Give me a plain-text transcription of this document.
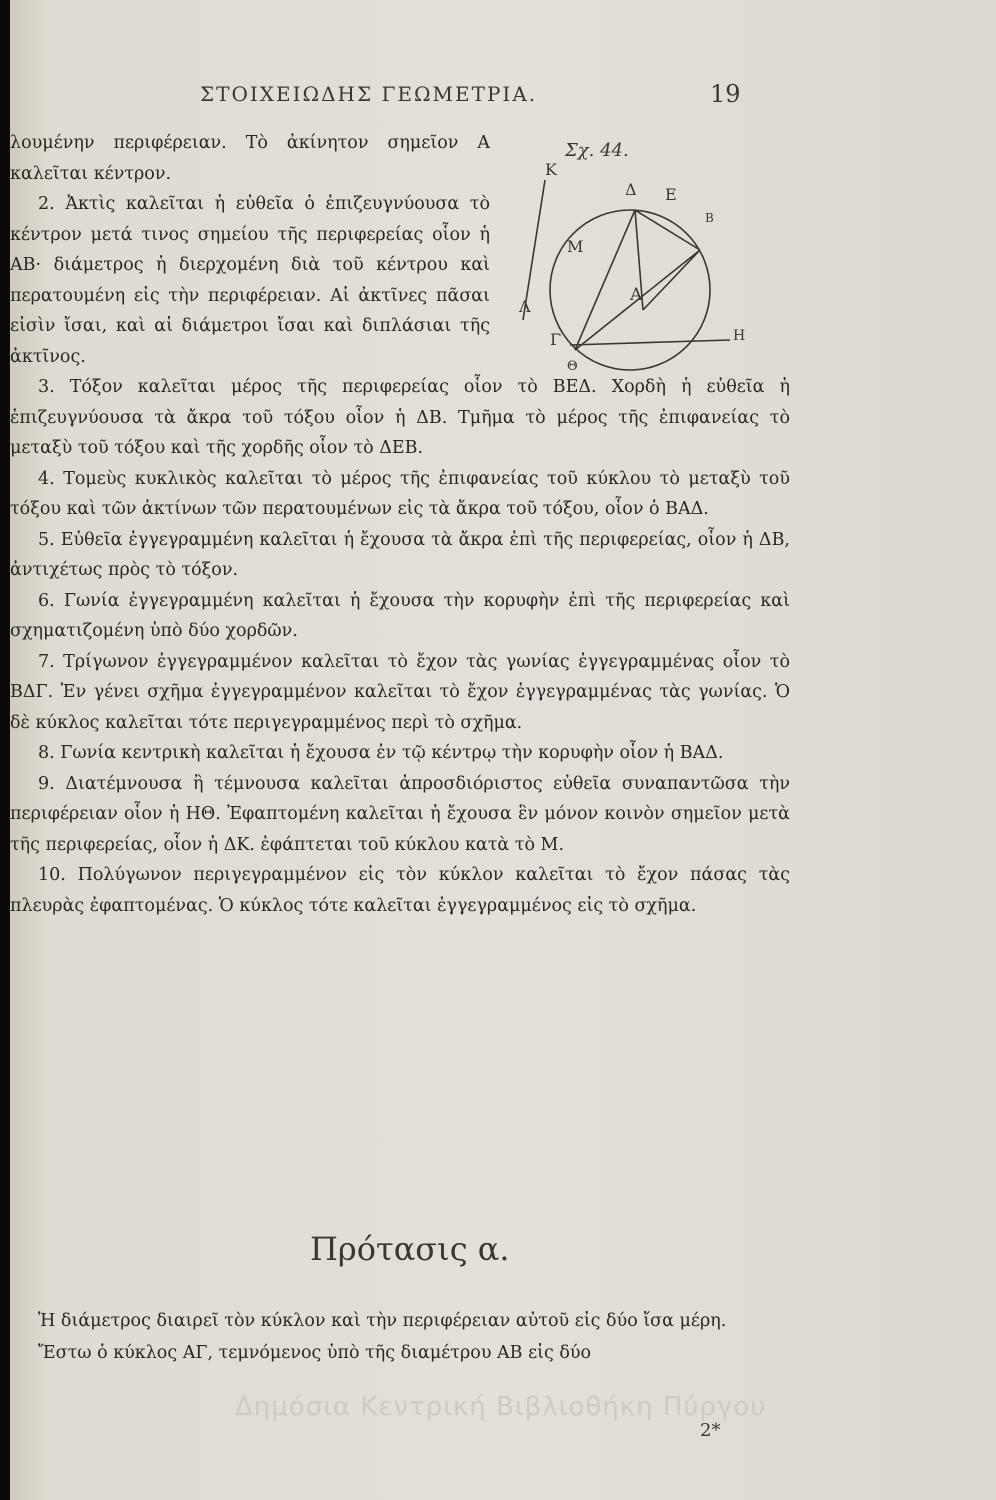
ΣΤΟΙΧΕΙΩΔΗΣ ΓΕΩΜΕΤΡΙΑ.	19
Σχ. 44.
K
Δ E
B
M
A
Λ
Γ
Θ
H

λουμένην περιφέρειαν. Τὸ ἀκίνητον σημεῖον Α καλεῖται κέντρον.

2. Ἀκτὶς καλεῖται ἡ εὐθεῖα ὁ ἐπιζευγνύουσα τὸ κέντρον μετά τινος σημείου τῆς περιφερείας οἷον ἡ ΑΒ· διάμετρος ἡ διερχομένη διὰ τοῦ κέντρου καὶ περατουμένη εἰς τὴν περιφέρειαν. Αἱ ἀκτῖνες πᾶσαι εἰσὶν ἴσαι, καὶ αἱ διάμετροι ἴσαι καὶ διπλάσιαι τῆς ἀκτῖνος.

3. Τόξον καλεῖται μέρος τῆς περιφερείας οἷον τὸ ΒΕΔ. Χορδὴ ἡ εὐθεῖα ἡ ἐπιζευγνύουσα τὰ ἄκρα τοῦ τόξου οἷον ἡ ΔΒ. Τμῆμα τὸ μέρος τῆς ἐπιφανείας τὸ μεταξὺ τοῦ τόξου καὶ τῆς χορδῆς οἷον τὸ ΔΕΒ.

4. Τομεὺς κυκλικὸς καλεῖται τὸ μέρος τῆς ἐπιφανείας τοῦ κύκλου τὸ μεταξὺ τοῦ τόξου καὶ τῶν ἀκτίνων τῶν περατουμένων εἰς τὰ ἄκρα τοῦ τόξου, οἷον ὁ ΒΑΔ.

5. Εὐθεῖα ἐγγεγραμμένη καλεῖται ἡ ἔχουσα τὰ ἄκρα ἐπὶ τῆς περιφερείας, οἷον ἡ ΔΒ, ἀντιχέτως πρὸς τὸ τόξον.

6. Γωνία ἐγγεγραμμένη καλεῖται ἡ ἔχουσα τὴν κορυφὴν ἐπὶ τῆς περιφερείας καὶ σχηματιζομένη ὑπὸ δύο χορδῶν.

7. Τρίγωνον ἐγγεγραμμένον καλεῖται τὸ ἔχον τὰς γωνίας ἐγγεγραμμένας οἷον τὸ ΒΔΓ. Ἐν γένει σχῆμα ἐγγεγραμμένον καλεῖται τὸ ἔχον ἐγγεγραμμένας τὰς γωνίας. Ὁ δὲ κύκλος καλεῖται τότε περιγεγραμμένος περὶ τὸ σχῆμα.

8. Γωνία κεντρικὴ καλεῖται ἡ ἔχουσα ἐν τῷ κέντρῳ τὴν κορυφὴν οἷον ἡ ΒΑΔ.

9. Διατέμνουσα ἢ τέμνουσα καλεῖται ἀπροσδιόριστος εὐθεῖα συναπαντῶσα τὴν περιφέρειαν οἷον ἡ ΗΘ. Ἐφαπτομένη καλεῖται ἡ ἔχουσα ἓν μόνον κοινὸν σημεῖον μετὰ τῆς περιφερείας, οἷον ἡ ΔΚ. ἐφάπτεται τοῦ κύκλου κατὰ τὸ Μ.

10. Πολύγωνον περιγεγραμμένον εἰς τὸν κύκλον καλεῖται τὸ ἔχον πάσας τὰς πλευρὰς ἐφαπτομένας. Ὁ κύκλος τότε καλεῖται ἐγγεγραμμένος εἰς τὸ σχῆμα.

Πρότασις α.

Ἡ διάμετρος διαιρεῖ τὸν κύκλον καὶ τὴν περιφέρειαν αὐτοῦ εἰς δύο ἴσα μέρη.

Ἔστω ὁ κύκλος ΑΓ, τεμνόμενος ὑπὸ τῆς διαμέτρου ΑΒ εἰς δύο

Δημόσια Κεντρική Βιβλιοθήκη Πύργου
2*
